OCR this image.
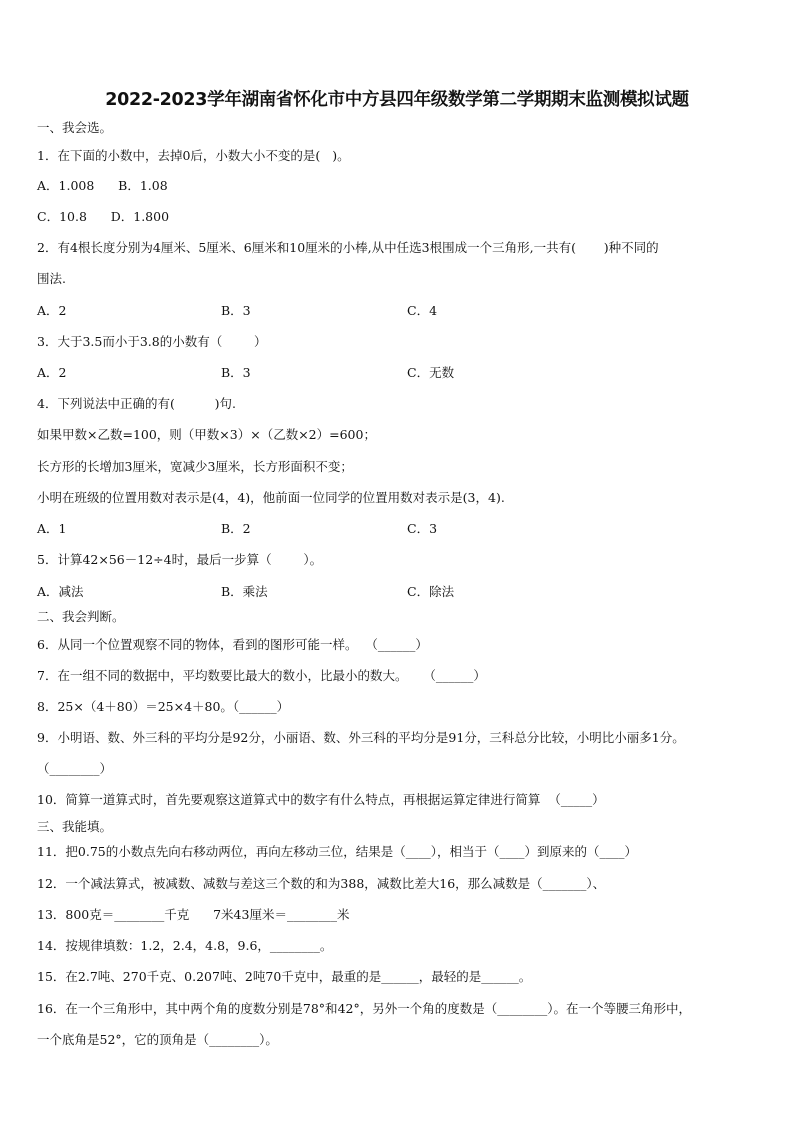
2022-2023学年湖南省怀化市中方县四年级数学第二学期期末监测模拟试题
一、我会选。
1．在下面的小数中，去掉0后，小数大小不变的是(   )。
A．1.008      B．1.08
C．10.8      D．1.800
2．有4根长度分别为4厘米、5厘米、6厘米和10厘米的小棒,从中任选3根围成一个三角形,一共有(       )种不同的
围法.
A．2	B．3	C．4
3．大于3.5而小于3.8的小数有（        ）
A．2	B．3	C．无数
4．下列说法中正确的有(          )句.
如果甲数×乙数=100，则（甲数×3）×（乙数×2）=600；
长方形的长增加3厘米，宽减少3厘米，长方形面积不变；
小明在班级的位置用数对表示是(4，4)，他前面一位同学的位置用数对表示是(3，4).
A．1	B．2	C．3
5．计算42×56－12÷4时，最后一步算（        ）。
A．减法	B．乘法	C．除法
二、我会判断。
6．从同一个位置观察不同的物体，看到的图形可能一样。  （______）
7．在一组不同的数据中，平均数要比最大的数小，比最小的数大。    （______）
8．25×（4＋80）＝25×4＋80。（______）
9．小明语、数、外三科的平均分是92分，小丽语、数、外三科的平均分是91分，三科总分比较，小明比小丽多1分。
（________）
10．简算一道算式时，首先要观察这道算式中的数字有什么特点，再根据运算定律进行简算  （_____）
三、我能填。
11．把0.75的小数点先向右移动两位，再向左移动三位，结果是（____），相当于（____）到原来的（____）
12．一个减法算式，被减数、减数与差这三个数的和为388，减数比差大16，那么减数是（_______）、
13．800克＝________千克      7米43厘米＝________米
14．按规律填数：1.2，2.4，4.8，9.6，________。
15．在2.7吨、270千克、0.207吨、2吨70千克中，最重的是______，最轻的是______。
16．在一个三角形中，其中两个角的度数分别是78°和42°，另外一个角的度数是（________）。在一个等腰三角形中，
一个底角是52°，它的顶角是（________）。
